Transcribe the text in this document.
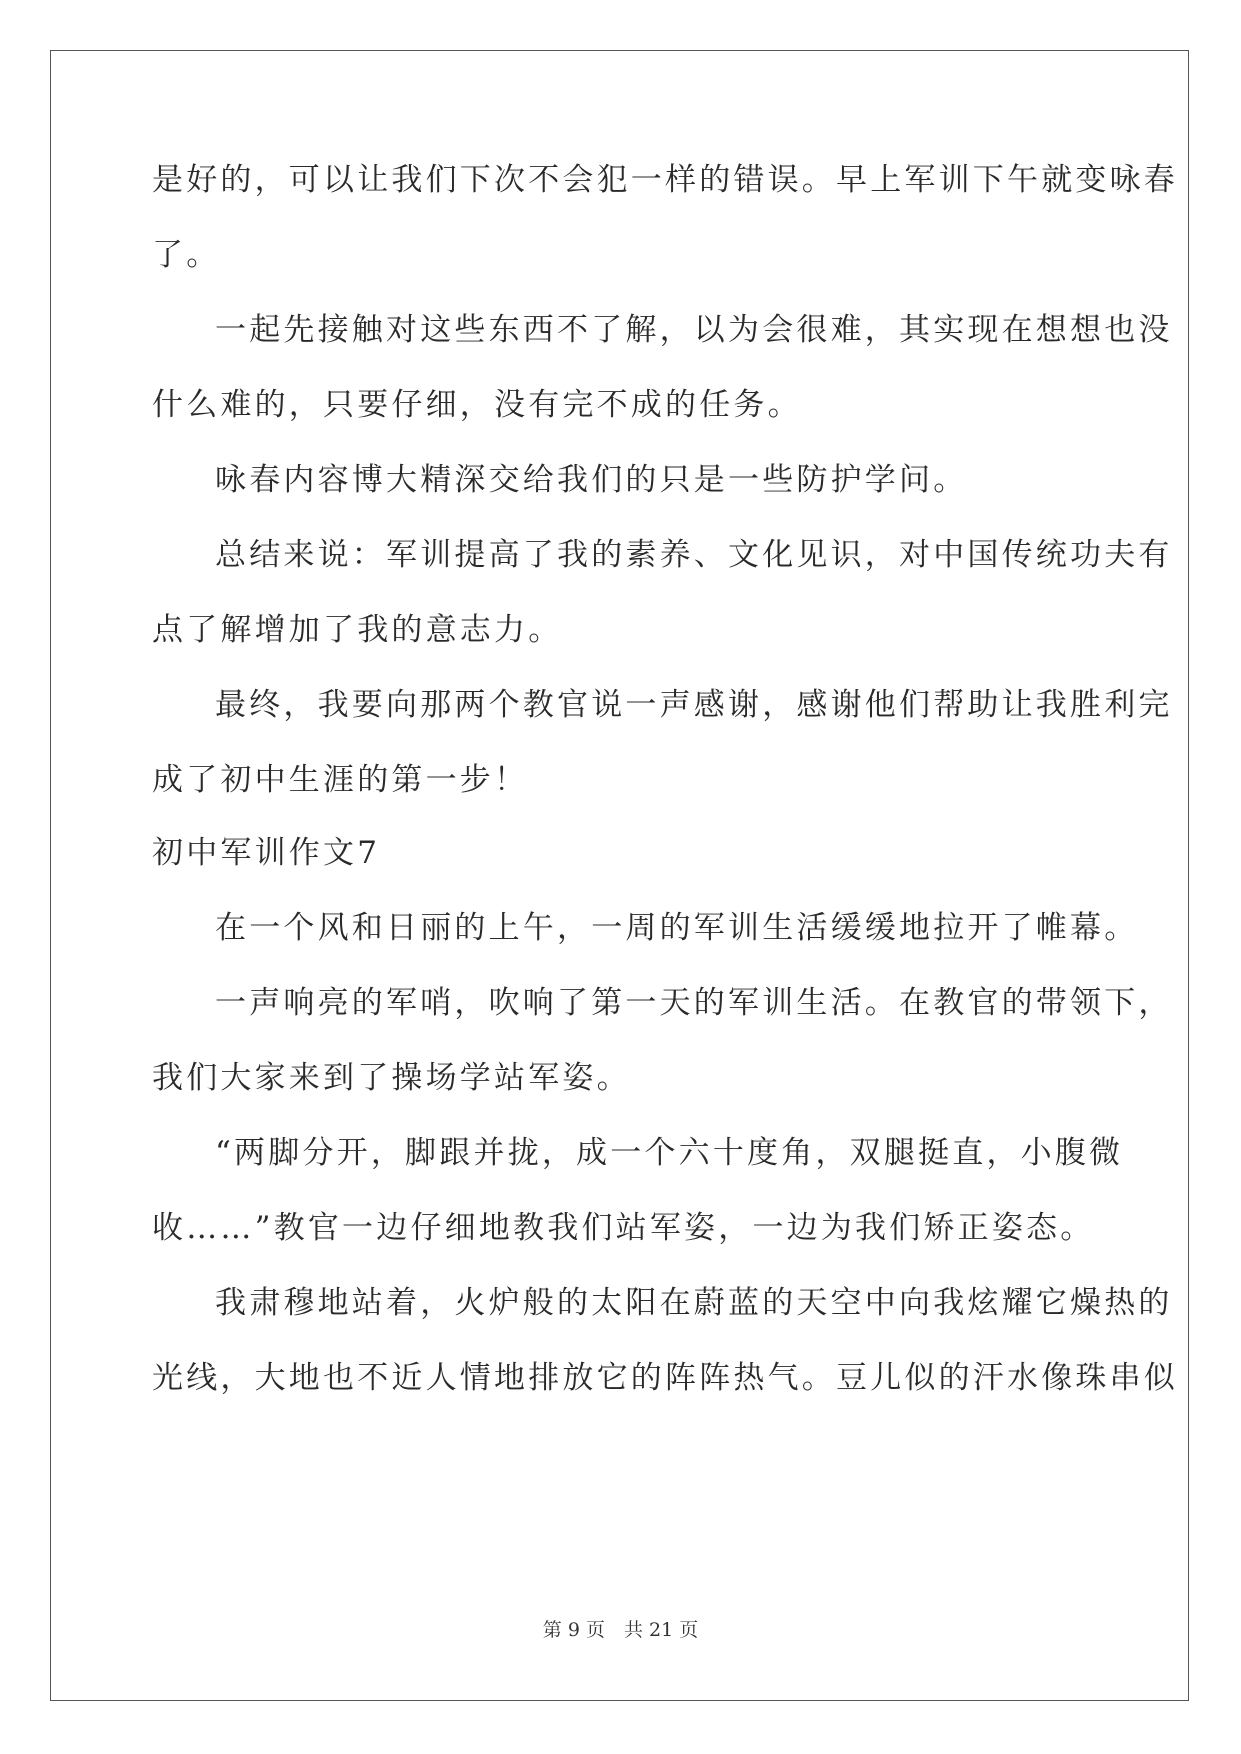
是好的，可以让我们下次不会犯一样的错误。早上军训下午就变咏春
了。
一起先接触对这些东西不了解，以为会很难，其实现在想想也没
什么难的，只要仔细，没有完不成的任务。
咏春内容博大精深交给我们的只是一些防护学问。
总结来说：军训提高了我的素养、文化见识，对中国传统功夫有
点了解增加了我的意志力。
最终，我要向那两个教官说一声感谢，感谢他们帮助让我胜利完
成了初中生涯的第一步！
初中军训作文7
在一个风和日丽的上午，一周的军训生活缓缓地拉开了帷幕。
一声响亮的军哨，吹响了第一天的军训生活。在教官的带领下，
我们大家来到了操场学站军姿。
“两脚分开，脚跟并拢，成一个六十度角，双腿挺直，小腹微
收……”教官一边仔细地教我们站军姿，一边为我们矫正姿态。
我肃穆地站着，火炉般的太阳在蔚蓝的天空中向我炫耀它燥热的
光线，大地也不近人情地排放它的阵阵热气。豆儿似的汗水像珠串似
第 9 页　共 21 页
